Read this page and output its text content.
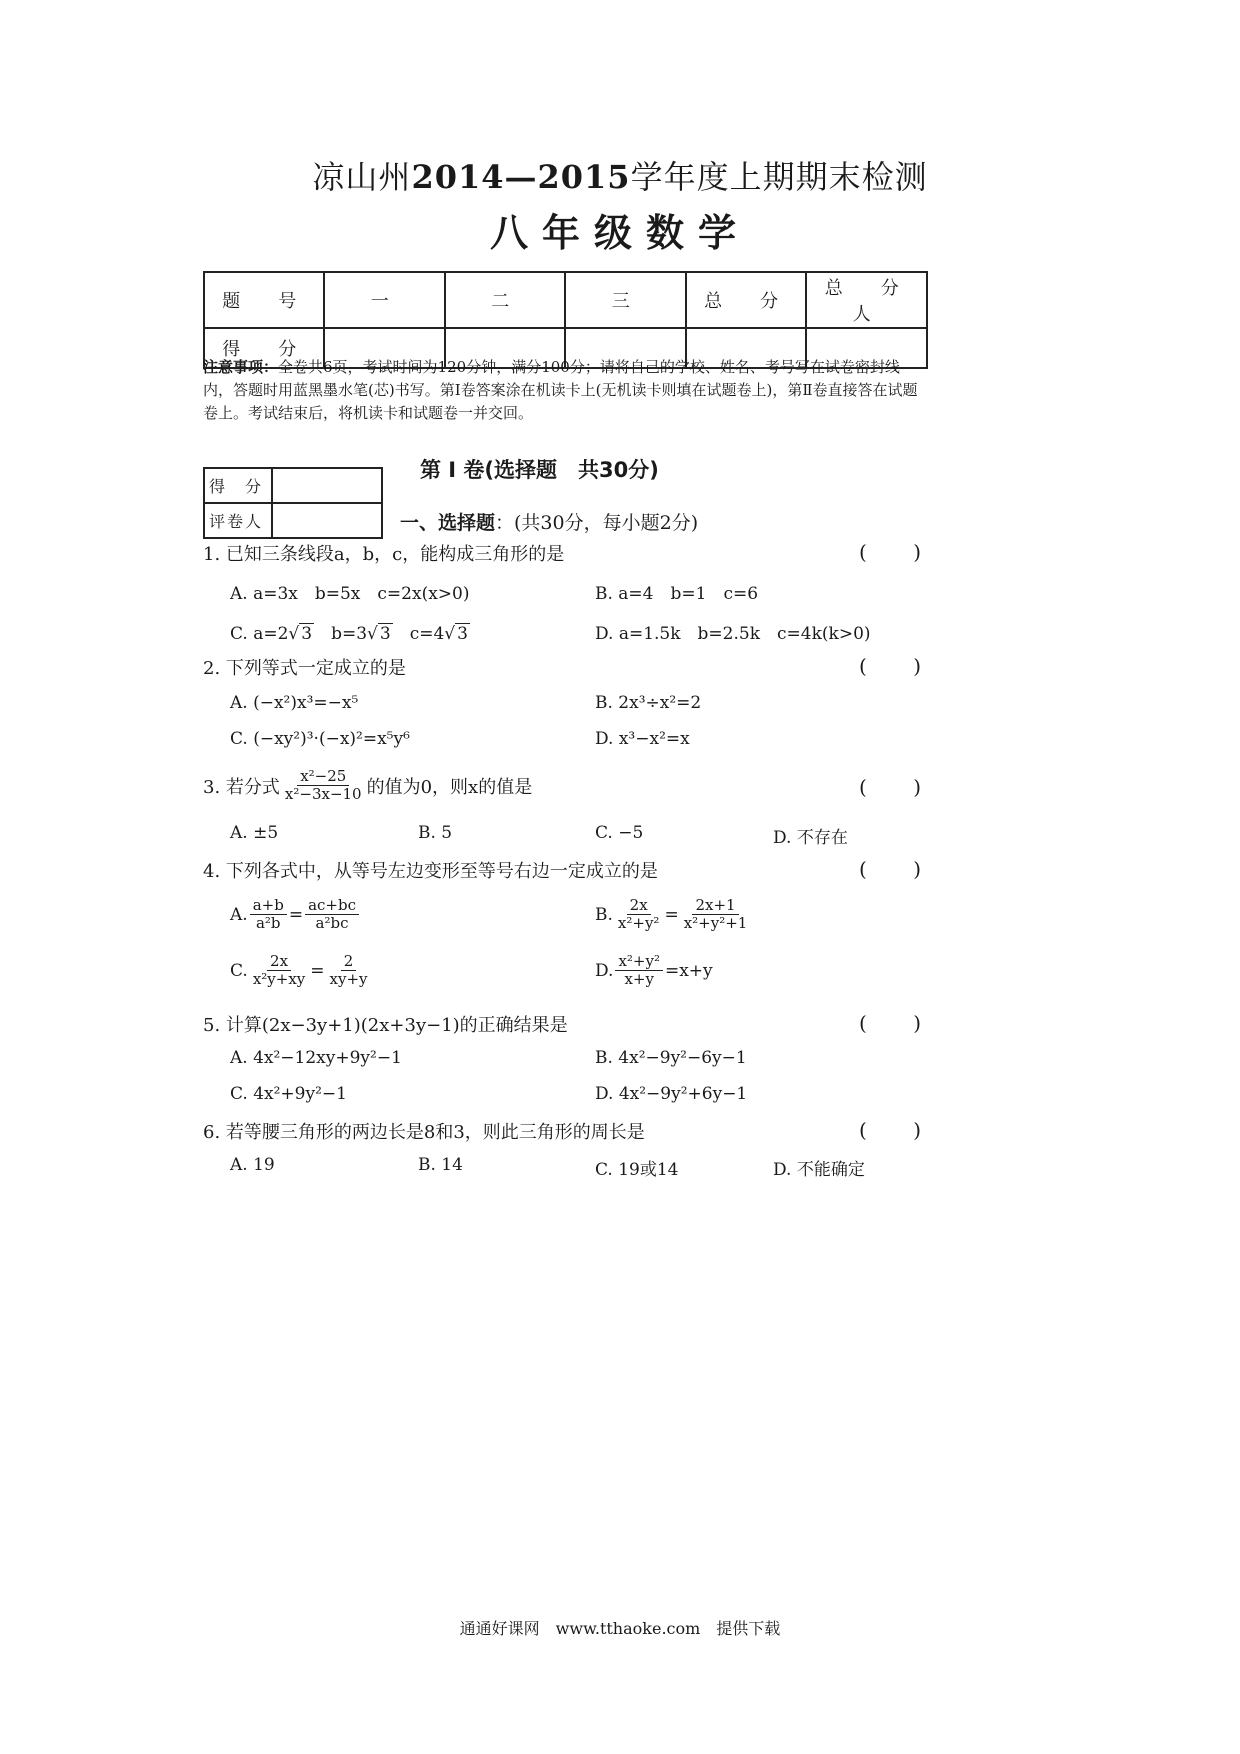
凉山州2014—2015学年度上期期末检测
八年级数学
题　号	一	二	三	总　分	总　分　人
得　分					
注意事项：全卷共6页，考试时间为120分钟，满分100分；请将自己的学校、姓名、考号写在试卷密封线内，答题时用蓝黑墨水笔(芯)书写。第Ⅰ卷答案涂在机读卡上(无机读卡则填在试题卷上)，第Ⅱ卷直接答在试题卷上。考试结束后，将机读卡和试题卷一并交回。
得　分	
评卷人	
第 Ⅰ 卷(选择题　共30分)
一、选择题：(共30分，每小题2分)
1. 已知三条线段a，b，c，能构成三角形的是	( )
A. a=3x　b=5x　c=2x(x>0)	B. a=4　b=1　c=6
C. a=2√ 3　b=3√ 3　c=4√ 3	D. a=1.5k　b=2.5k　c=4k(k>0)
2. 下列等式一定成立的是	( )
A. (−x²)x³=−x⁵	B. 2x³÷x²=2
C. (−xy²)³·(−x)²=x⁵y⁶	D. x³−x²=x
3. 若分式 $\frac{\text{x²−25}}{\text{x²−3x−10}}$ 的值为0，则x的值是	( )
A. ±5	B. 5	C. −5	D. 不存在
4. 下列各式中，从等号左边变形至等号右边一定成立的是	( )
A. $\frac{a+b}{\text{a²b}} = \frac{ac+bc}{\text{a²bc}}$	B. $\frac{2x}{\text{x²+y²}} = \frac{2x+1}{\text{x²+y²+1}}$
C. $\frac{2x}{\text{x²y+xy}} = \frac{2}{xy+y}$	D. $\frac{\text{x²+y²}}{x+y} =x+y$
5. 计算(2x−3y+1)(2x+3y−1)的正确结果是	( )
A. 4x²−12xy+9y²−1	B. 4x²−9y²−6y−1
C. 4x²+9y²−1	D. 4x²−9y²+6y−1
6. 若等腰三角形的两边长是8和3，则此三角形的周长是	( )
A. 19	B. 14	C. 19或14	D. 不能确定
通通好课网　www.tthaoke.com　提供下载
